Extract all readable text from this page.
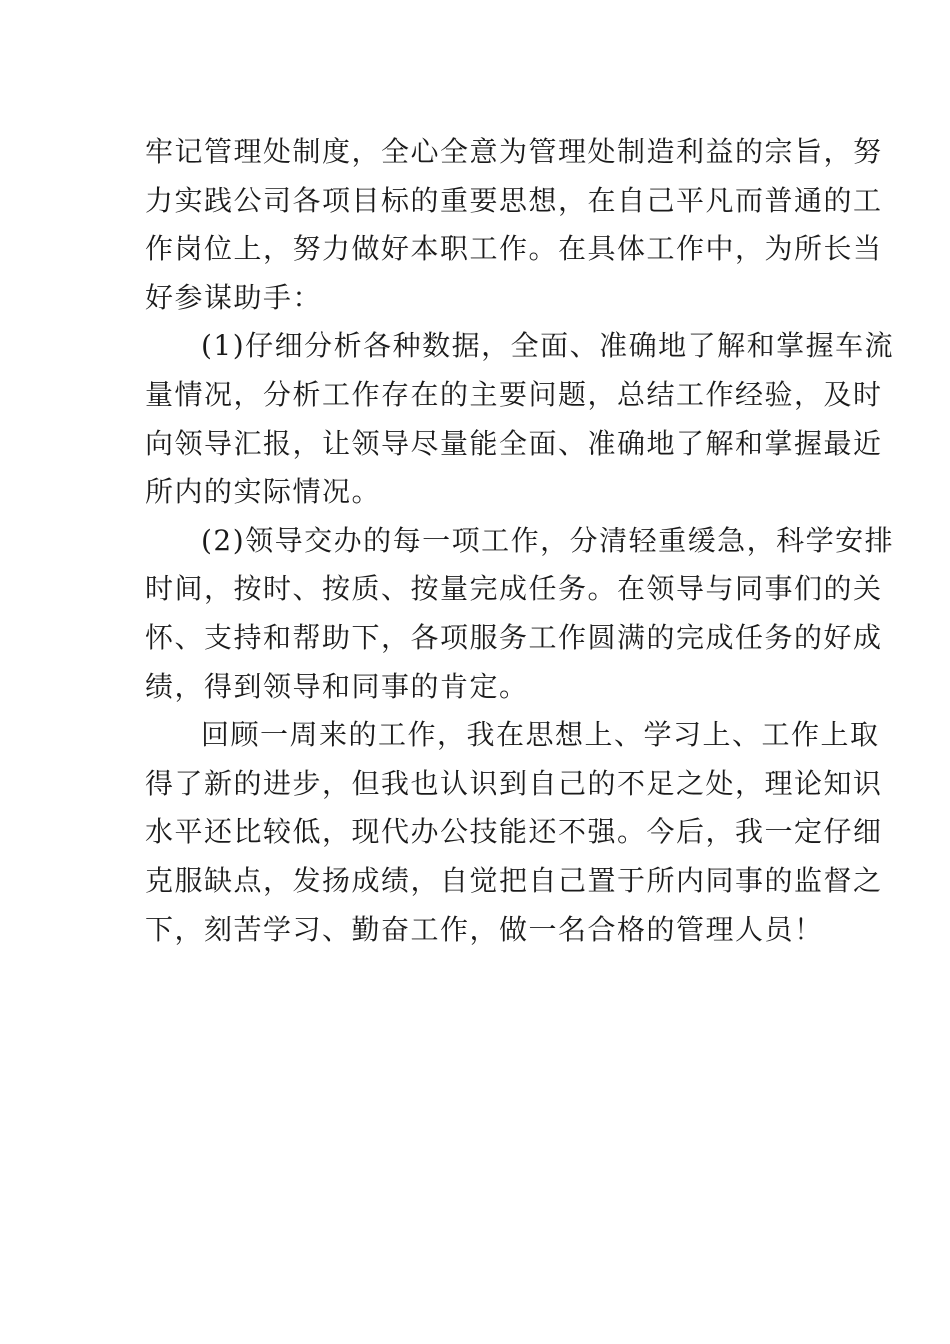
牢记管理处制度，全心全意为管理处制造利益的宗旨，努
力实践公司各项目标的重要思想，在自己平凡而普通的工
作岗位上，努力做好本职工作。在具体工作中，为所长当
好参谋助手：
(1)仔细分析各种数据，全面、准确地了解和掌握车流
量情况，分析工作存在的主要问题，总结工作经验，及时
向领导汇报，让领导尽量能全面、准确地了解和掌握最近
所内的实际情况。
(2)领导交办的每一项工作，分清轻重缓急，科学安排
时间，按时、按质、按量完成任务。在领导与同事们的关
怀、支持和帮助下，各项服务工作圆满的完成任务的好成
绩，得到领导和同事的肯定。
回顾一周来的工作，我在思想上、学习上、工作上取
得了新的进步，但我也认识到自己的不足之处，理论知识
水平还比较低，现代办公技能还不强。今后，我一定仔细
克服缺点，发扬成绩，自觉把自己置于所内同事的监督之
下，刻苦学习、勤奋工作，做一名合格的管理人员！
